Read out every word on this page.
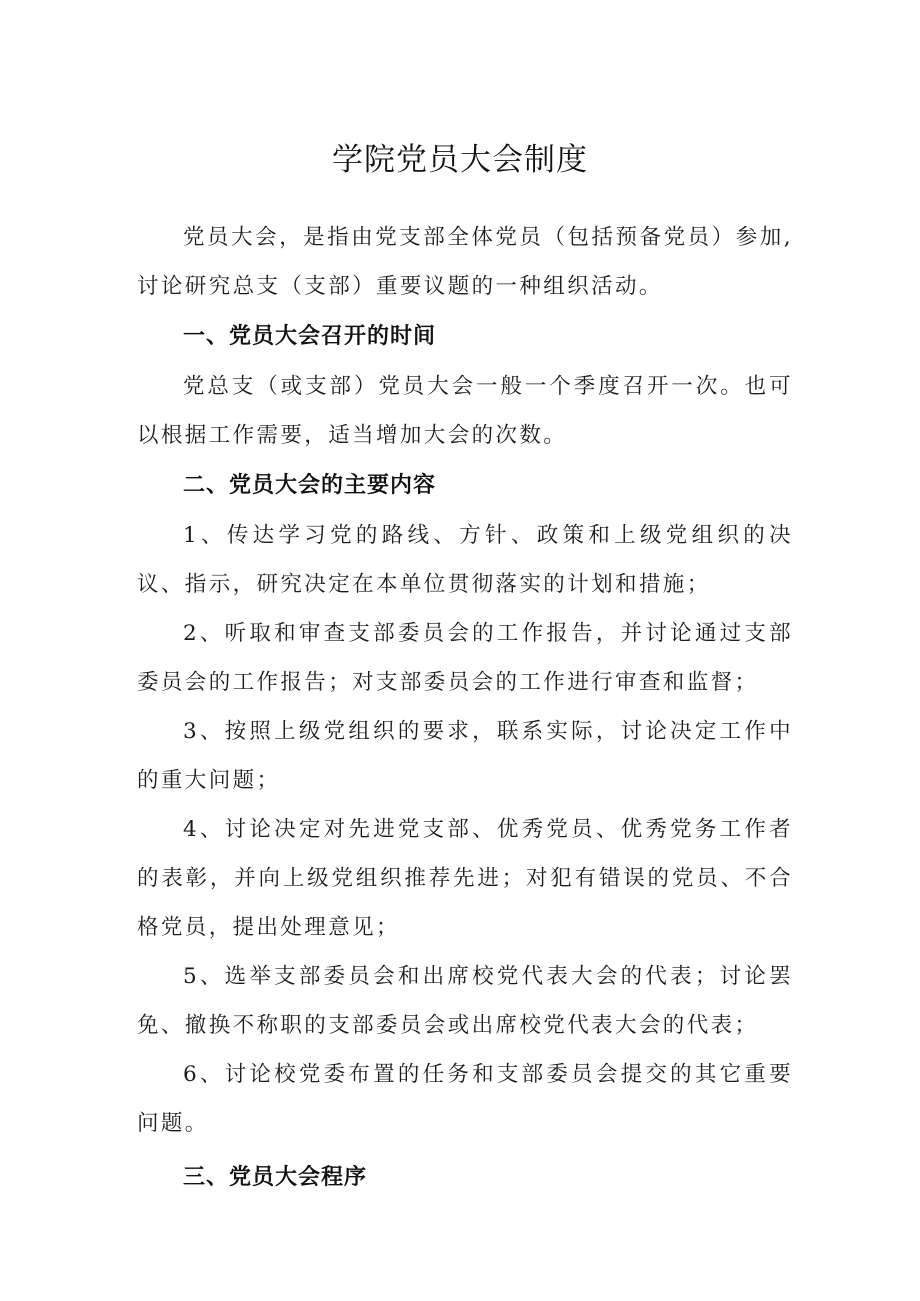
学院党员大会制度

党员大会，是指由党支部全体党员（包括预备党员）参加,讨论研究总支（支部）重要议题的一种组织活动。

一、党员大会召开的时间

党总支（或支部）党员大会一般一个季度召开一次。也可以根据工作需要，适当增加大会的次数。

二、党员大会的主要内容

1、传达学习党的路线、方针、政策和上级党组织的决议、指示，研究决定在本单位贯彻落实的计划和措施；

2、听取和审查支部委员会的工作报告，并讨论通过支部委员会的工作报告；对支部委员会的工作进行审查和监督；

3、按照上级党组织的要求，联系实际，讨论决定工作中的重大问题；

4、讨论决定对先进党支部、优秀党员、优秀党务工作者的表彰，并向上级党组织推荐先进；对犯有错误的党员、不合格党员，提出处理意见；

5、选举支部委员会和出席校党代表大会的代表；讨论罢免、撤换不称职的支部委员会或出席校党代表大会的代表；

6、讨论校党委布置的任务和支部委员会提交的其它重要问题。

三、党员大会程序
